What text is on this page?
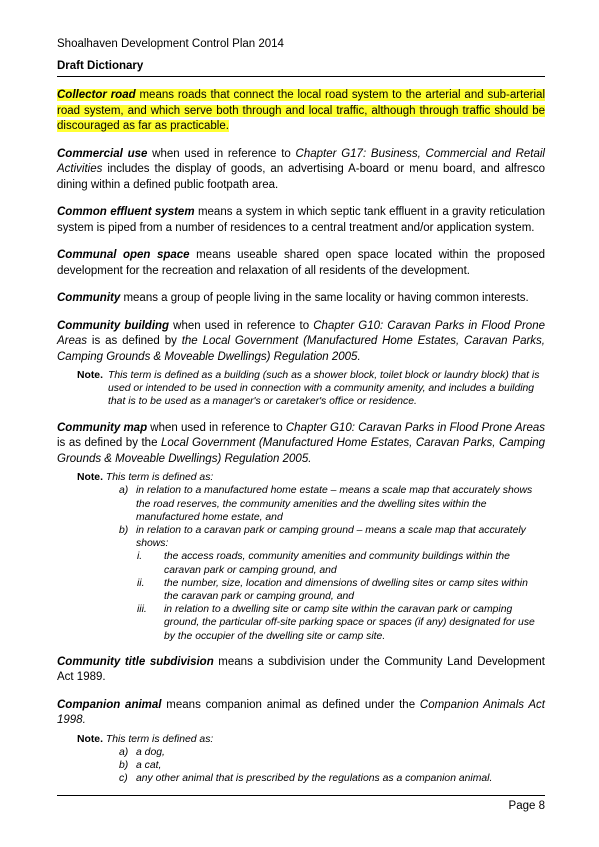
Shoalhaven Development Control Plan 2014
Draft Dictionary

Collector road means roads that connect the local road system to the arterial and sub-arterial road system, and which serve both through and local traffic, although through traffic should be discouraged as far as practicable.

Commercial use when used in reference to Chapter G17: Business, Commercial and Retail Activities includes the display of goods, an advertising A-board or menu board, and alfresco dining within a defined public footpath area.

Common effluent system means a system in which septic tank effluent in a gravity reticulation system is piped from a number of residences to a central treatment and/or application system.

Communal open space means useable shared open space located within the proposed development for the recreation and relaxation of all residents of the development.

Community means a group of people living in the same locality or having common interests.

Community building when used in reference to Chapter G10: Caravan Parks in Flood Prone Areas is as defined by the Local Government (Manufactured Home Estates, Caravan Parks, Camping Grounds & Moveable Dwellings) Regulation 2005.

Note. This term is defined as a building (such as a shower block, toilet block or laundry block) that is used or intended to be used in connection with a community amenity, and includes a building that is to be used as a manager's or caretaker's office or residence.

Community map when used in reference to Chapter G10: Caravan Parks in Flood Prone Areas is as defined by the Local Government (Manufactured Home Estates, Caravan Parks, Camping Grounds & Moveable Dwellings) Regulation 2005.

Note. This term is defined as:
a) in relation to a manufactured home estate – means a scale map that accurately shows the road reserves, the community amenities and the dwelling sites within the manufactured home estate, and
b) in relation to a caravan park or camping ground – means a scale map that accurately shows:
i.	the access roads, community amenities and community buildings within the caravan park or camping ground, and
ii.	the number, size, location and dimensions of dwelling sites or camp sites within the caravan park or camping ground, and
iii.	in relation to a dwelling site or camp site within the caravan park or camping ground, the particular off-site parking space or spaces (if any) designated for use by the occupier of the dwelling site or camp site.

Community title subdivision means a subdivision under the Community Land Development Act 1989.

Companion animal means companion animal as defined under the Companion Animals Act 1998.

Note. This term is defined as:
a) a dog,
b) a cat,
c) any other animal that is prescribed by the regulations as a companion animal.
Page 8
